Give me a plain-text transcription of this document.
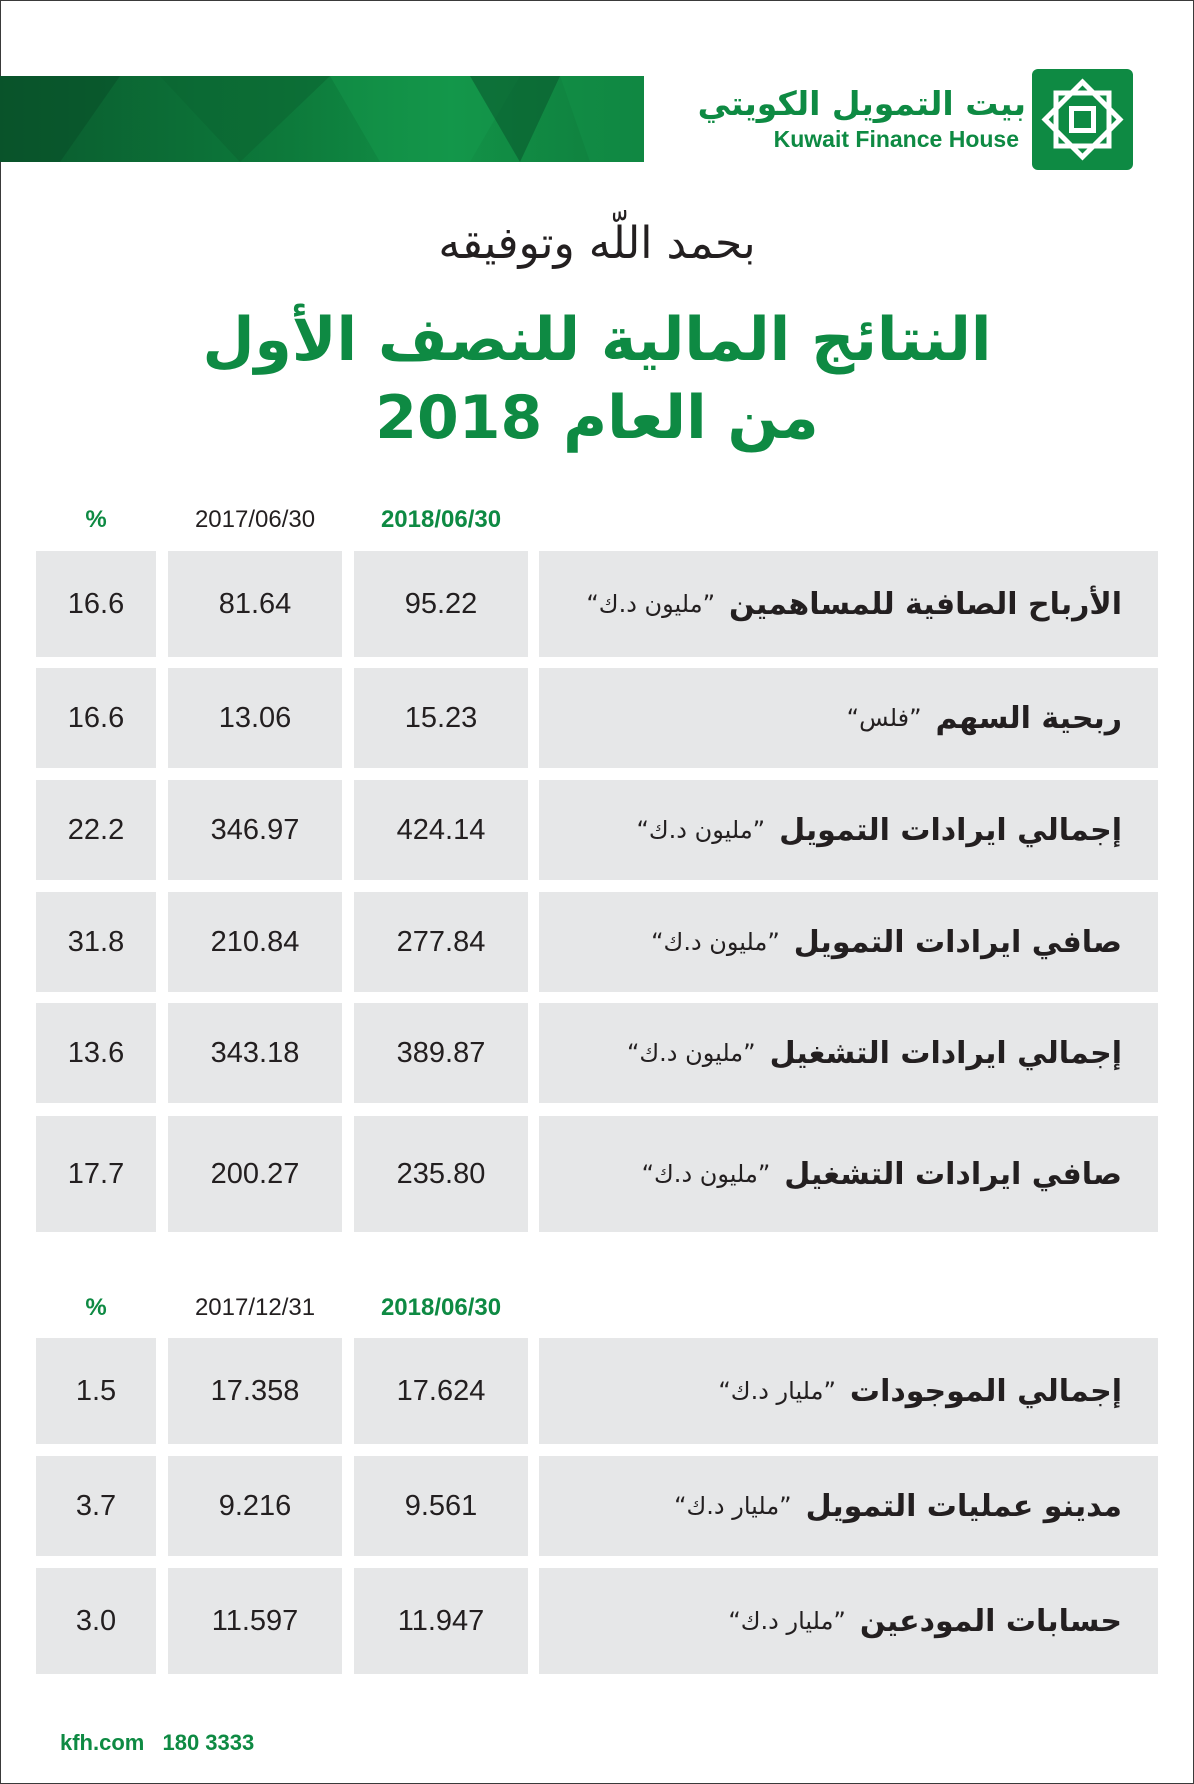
بيت التمويل الكويتي
Kuwait Finance House
بحمد اللّه وتوفيقه
النتائج المالية للنصف الأول
من العام 2018
2018/06/30
2017/06/30
%
الأرباح الصافية للمساهمين
”مليون د.ك“
95.22
81.64
16.6
ربحية السهم
”فلس“
15.23
13.06
16.6
إجمالي ايرادات التمويل
”مليون د.ك“
424.14
346.97
22.2
صافي ايرادات التمويل
”مليون د.ك“
277.84
210.84
31.8
إجمالي ايرادات التشغيل
”مليون د.ك“
389.87
343.18
13.6
صافي ايرادات التشغيل
”مليون د.ك“
235.80
200.27
17.7
2018/06/30
2017/12/31
%
إجمالي الموجودات
”مليار د.ك“
17.624
17.358
1.5
مدينو عمليات التمويل
”مليار د.ك“
9.561
9.216
3.7
حسابات المودعين
”مليار د.ك“
11.947
11.597
3.0
kfh.com 180 3333
